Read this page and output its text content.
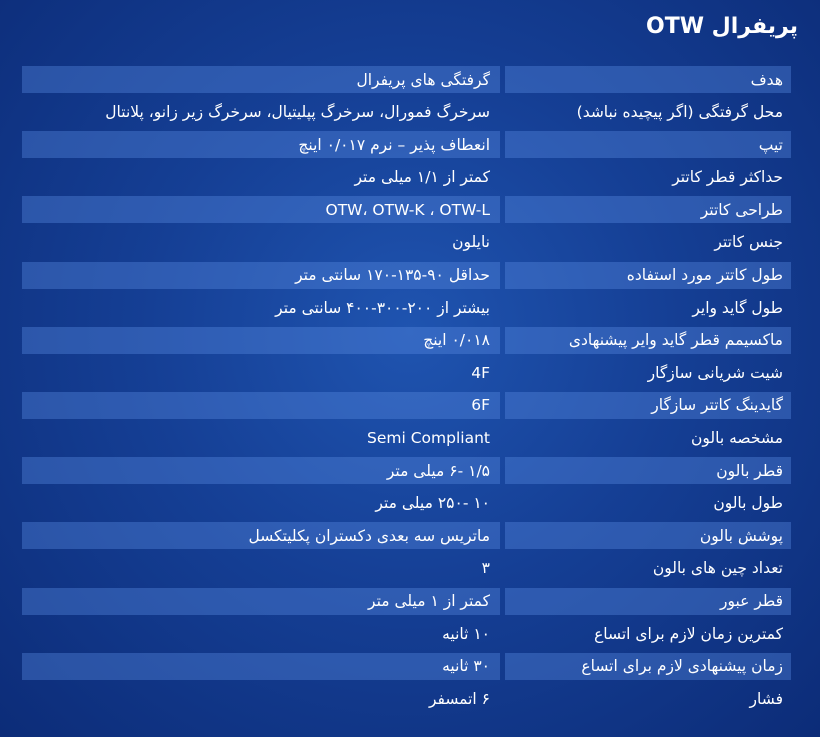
پریفرال OTW
هدف
گرفتگی های پریفرال
محل گرفتگی (اگر پیچیده نباشد)
سرخرگ فمورال، سرخرگ پپلیتیال، سرخرگ زیر زانو، پلانتال
تیپ
انعطاف پذیر – نرم ۰/۰۱۷ اینچ
حداکثر قطر کاتتر
کمتر از ۱/۱ میلی متر
طراحی کاتتر
OTW، OTW-K ، OTW-L
جنس کاتتر
نایلون
طول کاتتر مورد استفاده
حداقل ۹۰-۱۳۵-۱۷۰ سانتی متر
طول گاید وایر
بیشتر از ۲۰۰-۳۰۰-۴۰۰ سانتی متر
ماکسیمم قطر گاید وایر پیشنهادی
۰/۰۱۸ اینچ
شیت شریانی سازگار
4F
گایدینگ کاتتر سازگار
6F
مشخصه بالون
Semi Compliant
قطر بالون
۱/۵ -۶ میلی متر
طول بالون
۱۰ -۲۵۰ میلی متر
پوشش بالون
ماتریس سه بعدی دکستران پکلیتکسل
تعداد چین های بالون
۳
قطر عبور
کمتر از ۱ میلی متر
کمترین زمان لازم برای اتساع
۱۰ ثانیه
زمان پیشنهادی لازم برای اتساع
۳۰ ثانیه
فشار
۶ اتمسفر
